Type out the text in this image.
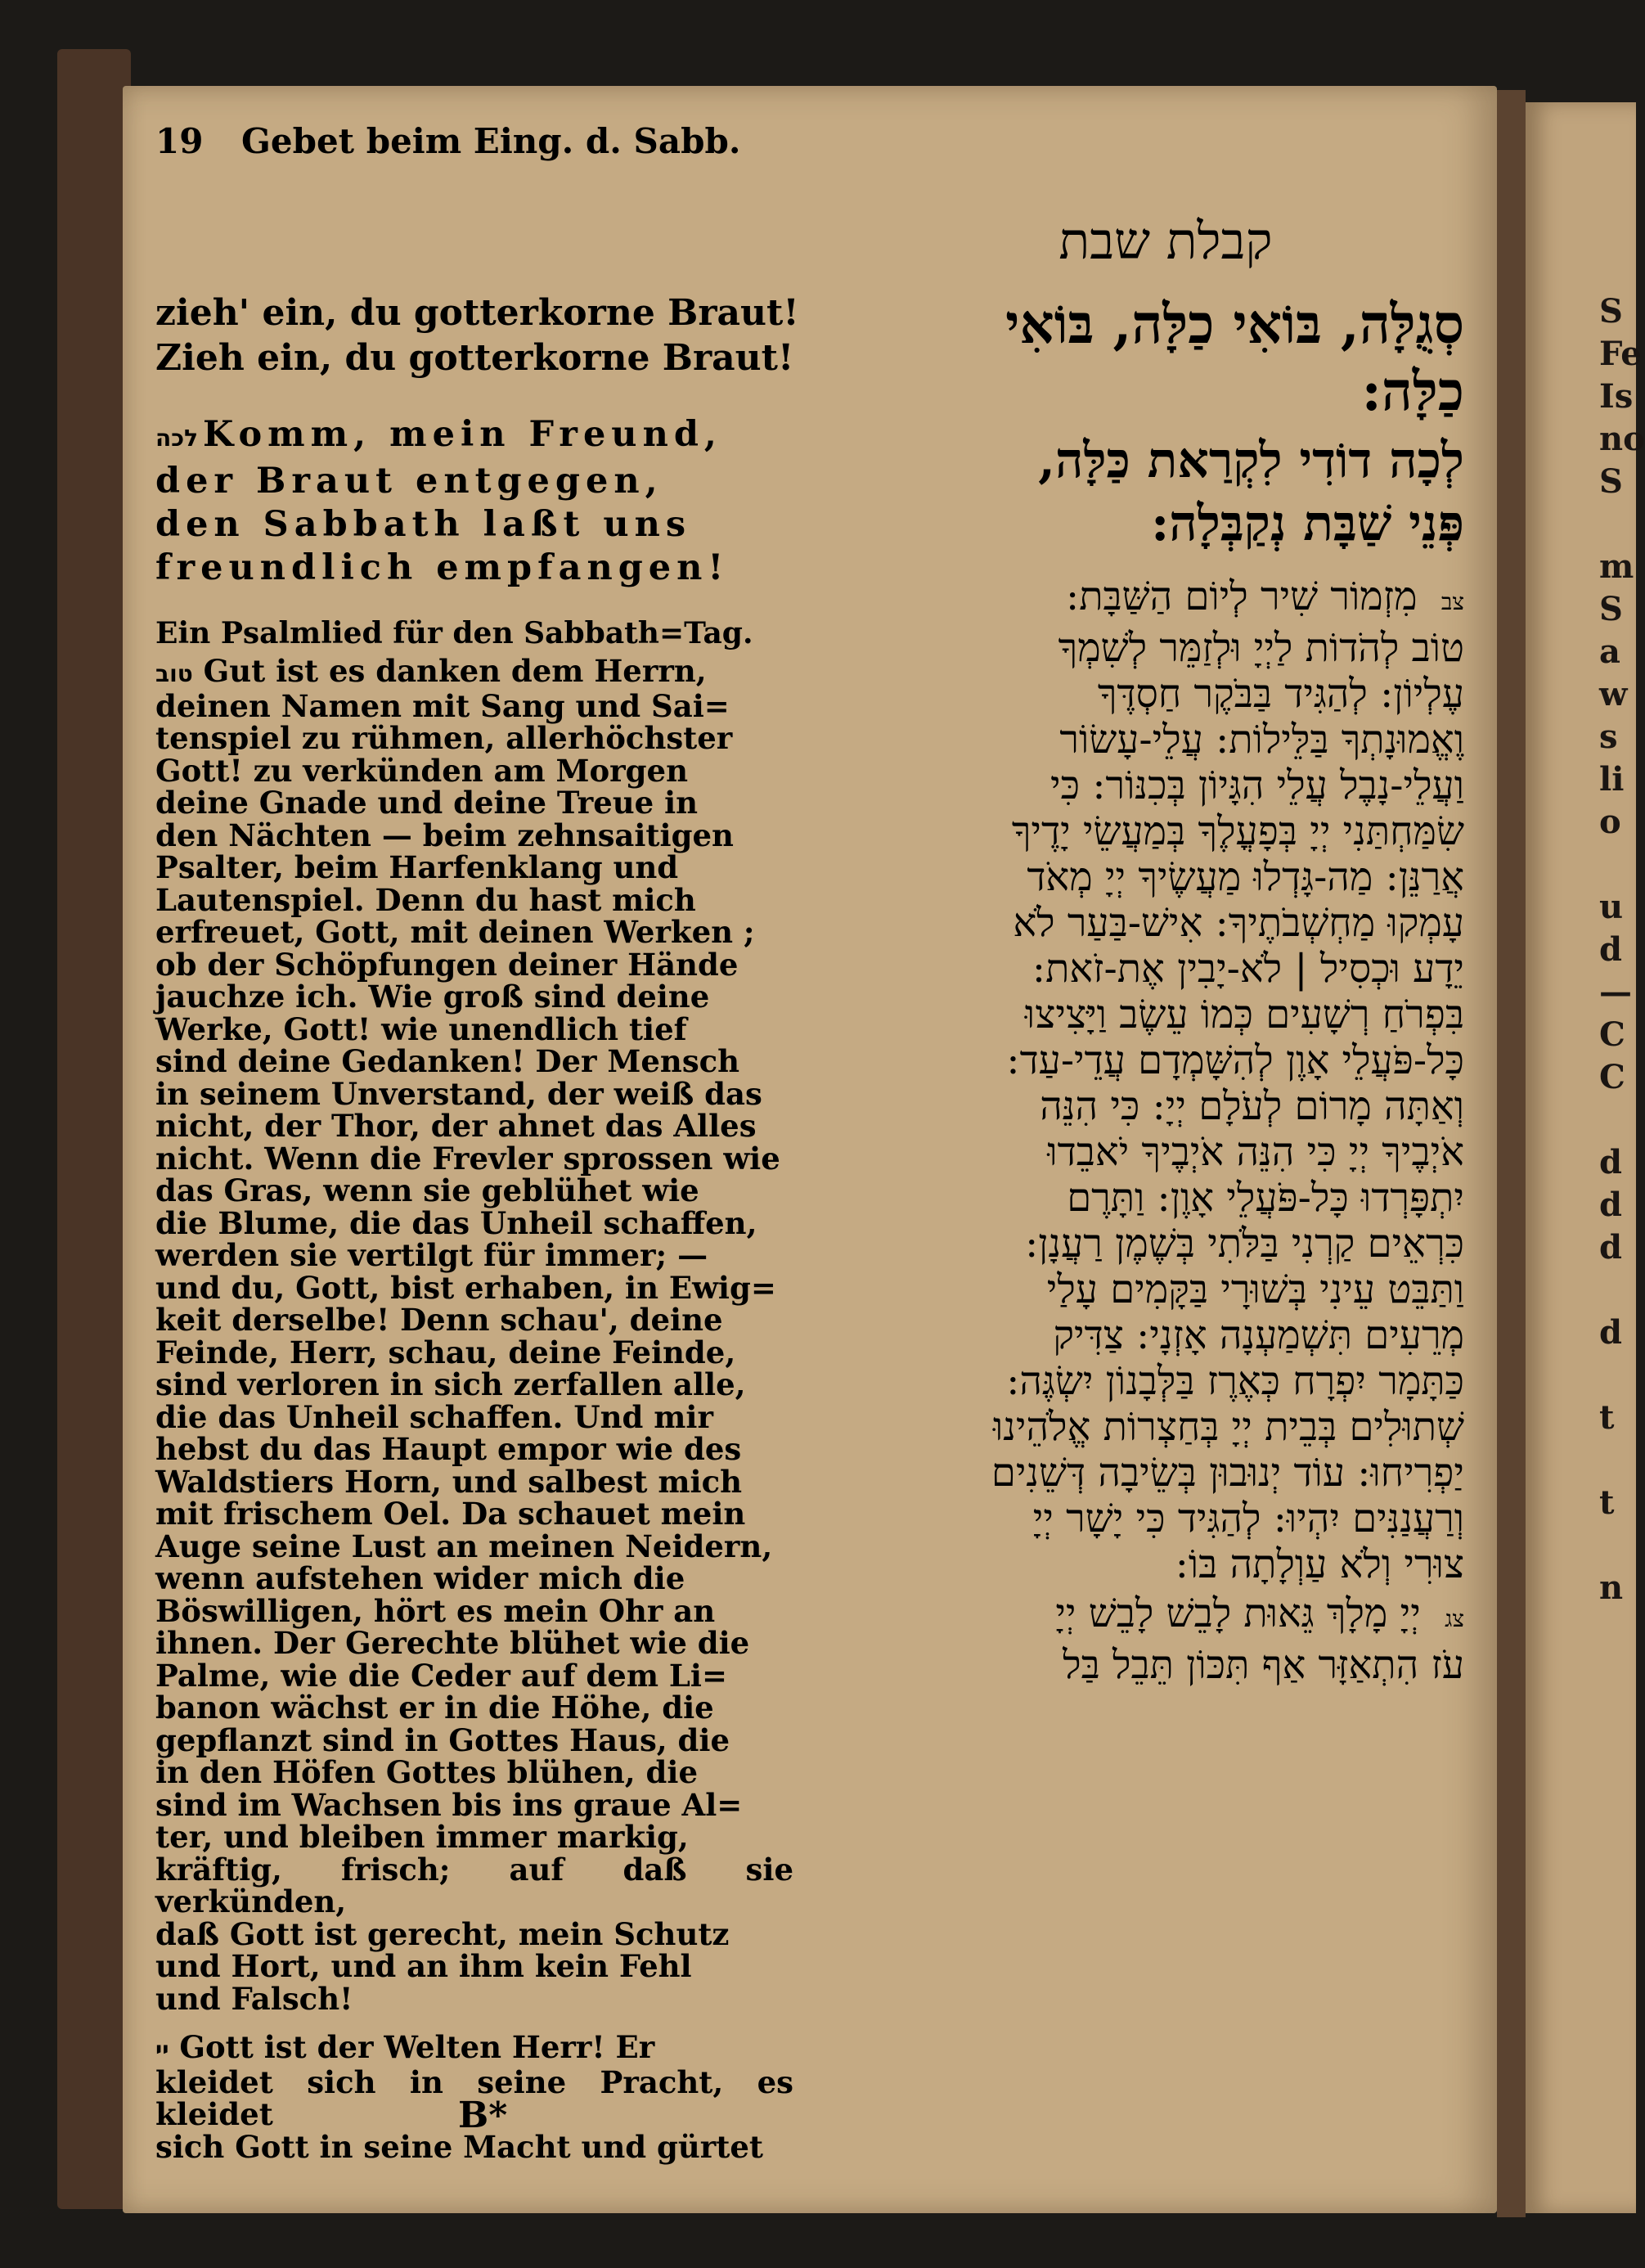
19 Gebet beim Eing. d. Sabb.
קבלת שבת

zieh' ein, du gotterkorne Braut!

Zieh ein, du gotterkorne Braut!

לכה Komm, mein Freund,

der Braut entgegen,

den Sabbath laßt uns

freundlich empfangen!

Ein Psalmlied für den Sabbath=Tag.

טוב Gut ist es danken dem Herrn,

deinen Namen mit Sang und Sai=

tenspiel zu rühmen, allerhöchster

Gott! zu verkünden am Morgen

deine Gnade und deine Treue in

den Nächten — beim zehnsaitigen

Psalter, beim Harfenklang und

Lautenspiel. Denn du hast mich

erfreuet, Gott, mit deinen Werken ;

ob der Schöpfungen deiner Hände

jauchze ich. Wie groß sind deine

Werke, Gott! wie unendlich tief

sind deine Gedanken! Der Mensch

in seinem Unverstand, der weiß das

nicht, der Thor, der ahnet das Alles

nicht. Wenn die Frevler sprossen wie

das Gras, wenn sie geblühet wie

die Blume, die das Unheil schaffen,

werden sie vertilgt für immer; —

und du, Gott, bist erhaben, in Ewig=

keit derselbe! Denn schau', deine

Feinde, Herr, schau, deine Feinde,

sind verloren in sich zerfallen alle,

die das Unheil schaffen. Und mir

hebst du das Haupt empor wie des

Waldstiers Horn, und salbest mich

mit frischem Oel. Da schauet mein

Auge seine Lust an meinen Neidern,

wenn aufstehen wider mich die

Böswilligen, hört es mein Ohr an

ihnen. Der Gerechte blühet wie die

Palme, wie die Ceder auf dem Li=

banon wächst er in die Höhe, die

gepflanzt sind in Gottes Haus, die

in den Höfen Gottes blühen, die

sind im Wachsen bis ins graue Al=

ter, und bleiben immer markig,

kräftig, frisch; auf daß sie verkünden,

daß Gott ist gerecht, mein Schutz

und Hort, und an ihm kein Fehl

und Falsch!

יי Gott ist der Welten Herr! Er

kleidet sich in seine Pracht, es kleidet

sich Gott in seine Macht und gürtet

B*

סְגֻלָּה, בּוֹאִי כַלָּה, בּוֹאִי

כַלָּה:

לְכָה דוֹדִי לִקְרַאת כַּלָּה,

פְּנֵי שַׁבָּת נְקַבְּלָה:

צב מִזְמוֹר שִׁיר לְיוֹם הַשַּׁבָּת:

טוֹב לְהֹדוֹת לַיְיָ וּלְזַמֵּר לְשִׁמְךָ

עֶלְיוֹן: לְהַגִּיד בַּבֹּקֶר חַסְדֶּךָ

וֶאֱמוּנָתְךָ בַּלֵּילוֹת: עֲלֵי-עָשׂוֹר

וַעֲלֵי-נָבֶל עֲלֵי הִגָּיוֹן בְּכִנּוֹר: כִּי

שִׂמַּחְתַּנִי יְיָ בְּפָעֳלֶךָ בְּמַעֲשֵׂי יָדֶיךָ

אֲרַנֵּן: מַה-גָּדְלוּ מַעֲשֶׂיךָ יְיָ מְאֹד

עָמְקוּ מַחְשְׁבֹתֶיךָ: אִישׁ-בַּעַר לֹא

יֵדָע וּכְסִיל | לֹא-יָבִין אֶת-זֹאת:

בִּפְרֹחַ רְשָׁעִים כְּמוֹ עֵשֶׂב וַיָּצִיצוּ

כָּל-פֹּעֲלֵי אָוֶן לְהִשָּׁמְדָם עֲדֵי-עַד:

וְאַתָּה מָרוֹם לְעֹלָם יְיָ: כִּי הִנֵּה

אֹיְבֶיךָ יְיָ כִּי הִנֵּה אֹיְבֶיךָ יֹאבֵדוּ

יִתְפָּרְדוּ כָּל-פֹּעֲלֵי אָוֶן: וַתָּרֶם

כִּרְאֵים קַרְנִי בַּלֹּתִי בְּשֶׁמֶן רַעֲנָן:

וַתַּבֵּט עֵינִי בְּשׁוּרָי בַּקָּמִים עָלַי

מְרֵעִים תִּשְׁמַעְנָה אָזְנָי: צַדִּיק

כַּתָּמָר יִפְרָח כְּאֶרֶז בַּלְּבָנוֹן יִשְׂגֶּה:

שְׁתוּלִים בְּבֵית יְיָ בְּחַצְרוֹת אֱלֹהֵינוּ

יַפְרִיחוּ: עוֹד יְנוּבוּן בְּשֵׂיבָה דְּשֵׁנִים

וְרַעֲנַנִּים יִהְיוּ: לְהַגִּיד כִּי יָשָׁר יְיָ

צוּרִי וְלֹא עַוְלָתָה בּוֹ:

צג יְיָ מָלָךְ גֵּאוּת לָבֵשׁ לָבֵשׁ יְיָ

עֹז הִתְאַזָּר אַף תִּכּוֹן תֵּבֵל בַּל

S
Fe
Is
no
S

m
S
a
w
s
li
o

u
d
—
C
C

d
d
d

d

t

t

n
